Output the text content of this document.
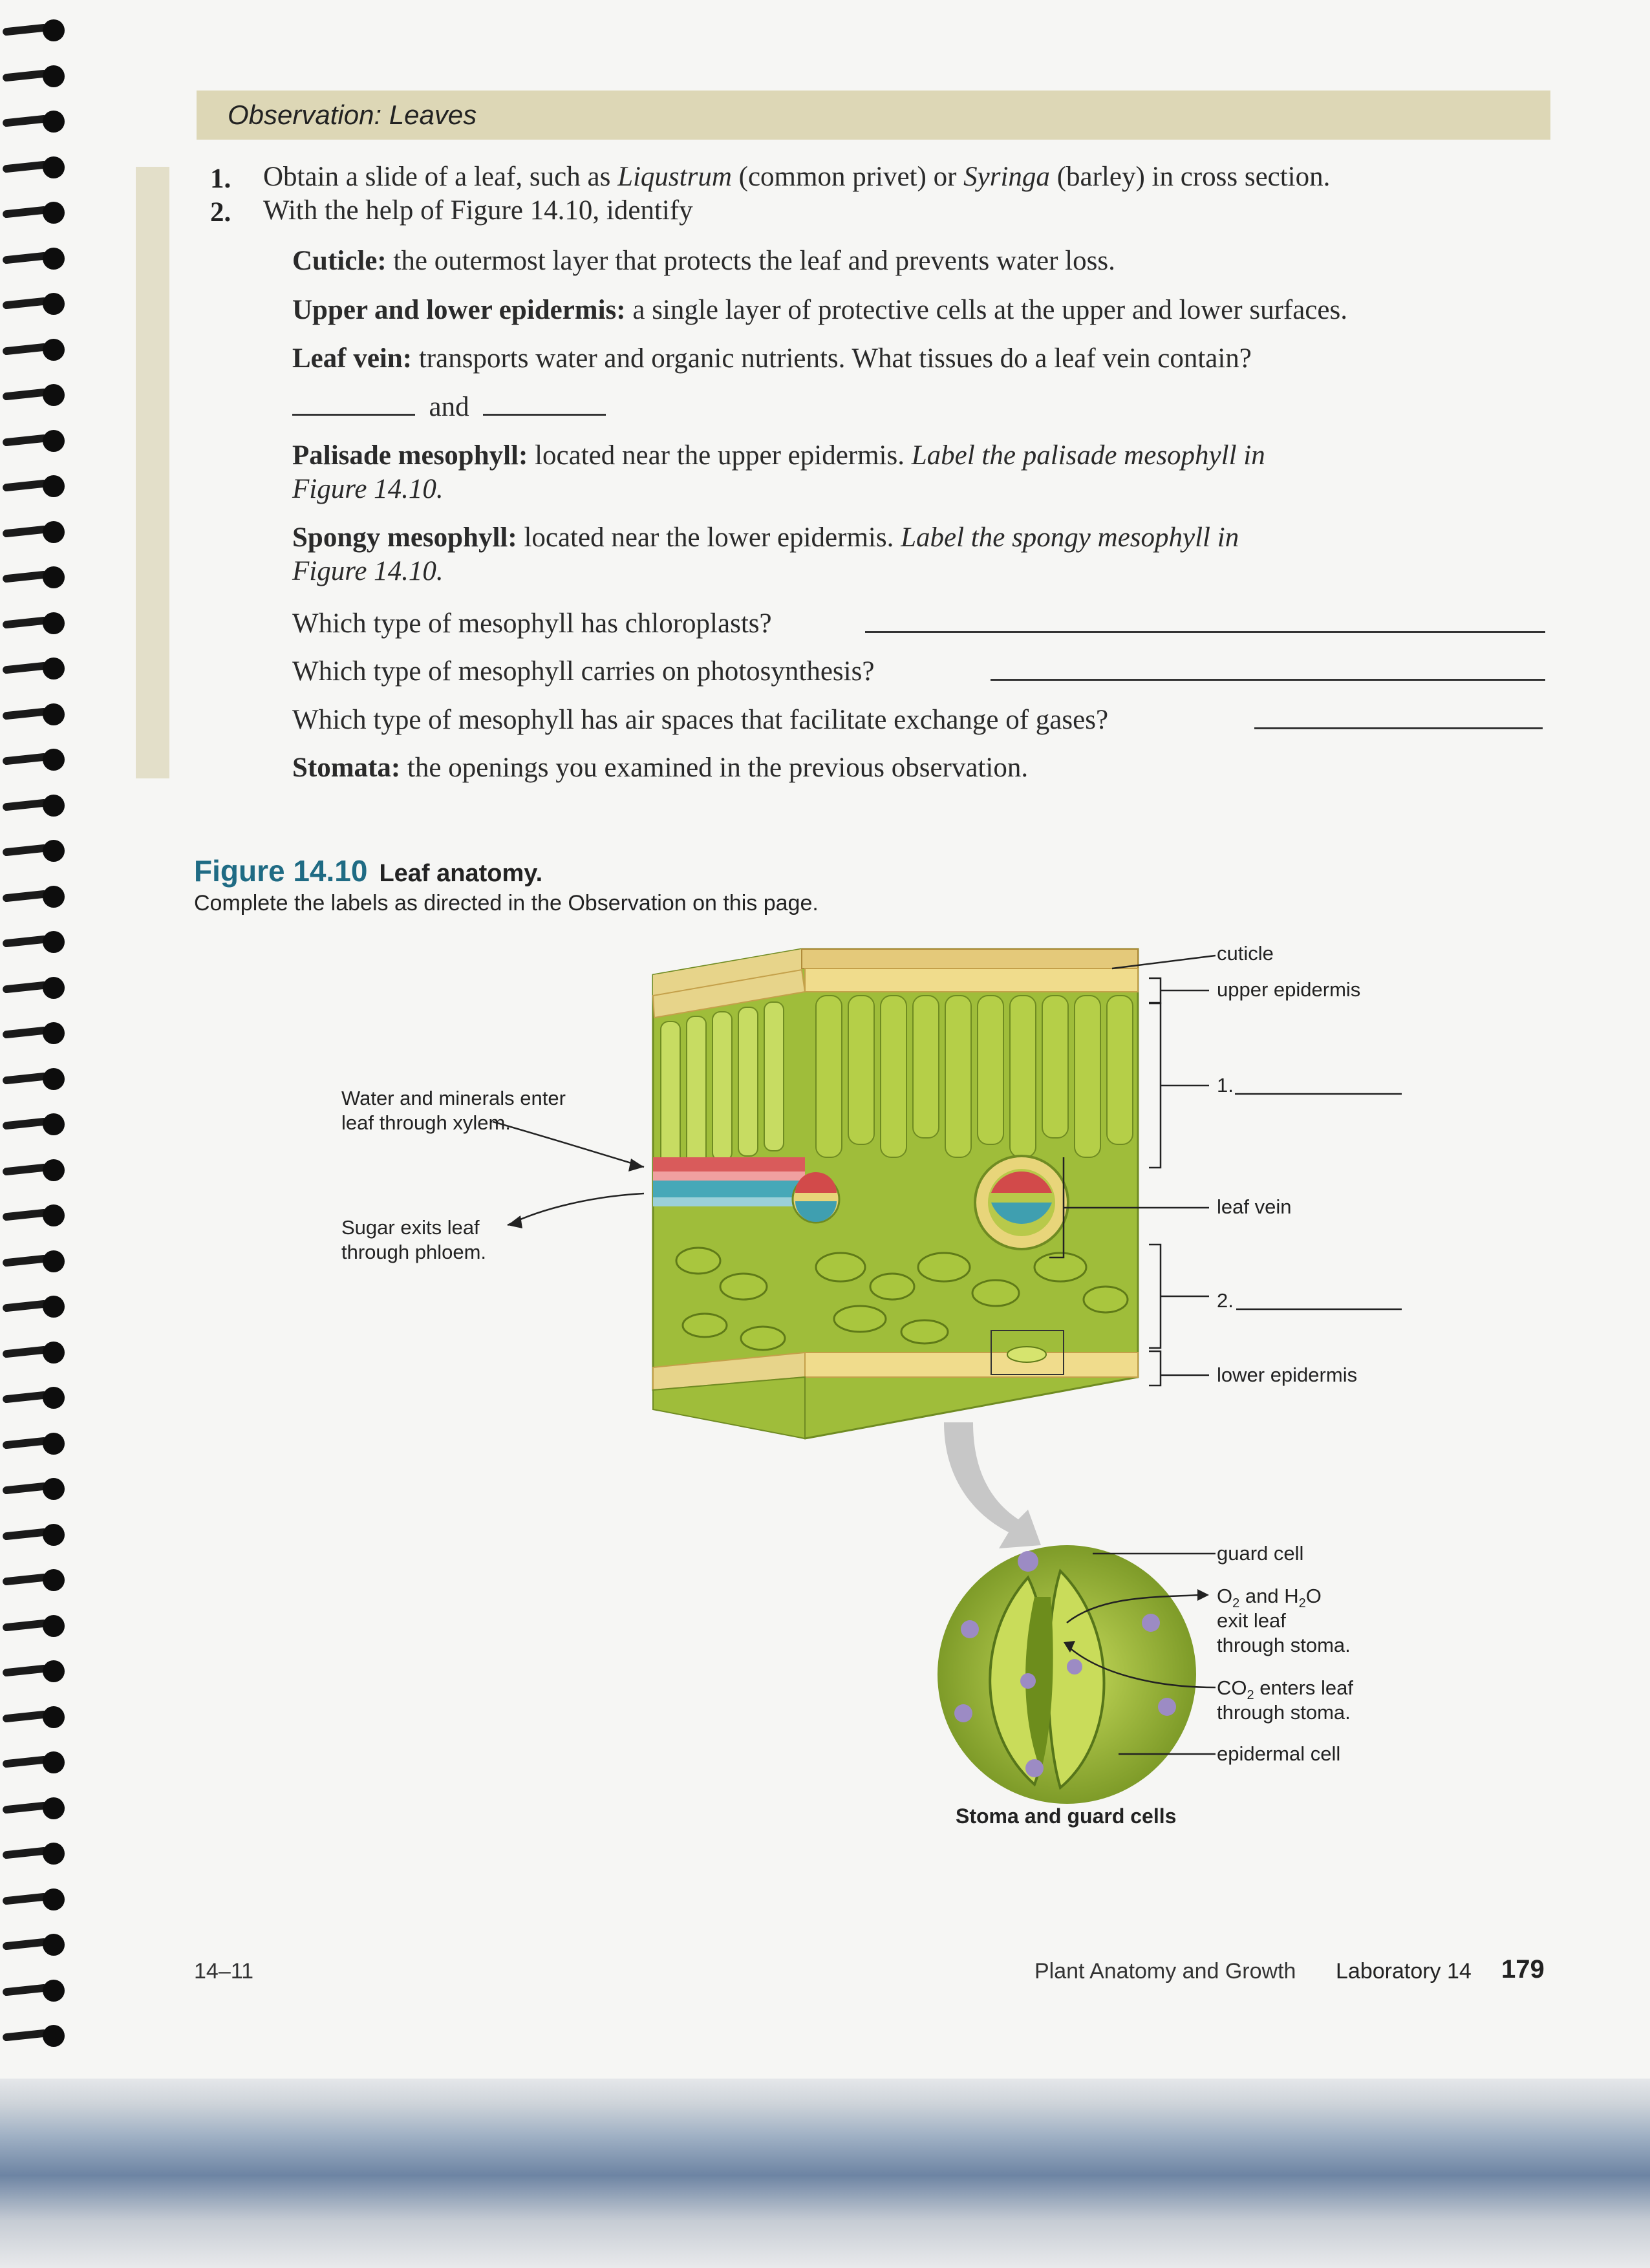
Observation: Leaves
1. Obtain a slide of a leaf, such as Liqustrum (common privet) or Syringa (barley) in cross section.
2. With the help of Figure 14.10, identify
Cuticle: the outermost layer that protects the leaf and prevents water loss.
Upper and lower epidermis: a single layer of protective cells at the upper and lower surfaces.
Leaf vein: transports water and organic nutrients. What tissues do a leaf vein contain?
and
Palisade mesophyll: located near the upper epidermis. Label the palisade mesophyll in
Figure 14.10.
Spongy mesophyll: located near the lower epidermis. Label the spongy mesophyll in
Figure 14.10.
Which type of mesophyll has chloroplasts?
Which type of mesophyll carries on photosynthesis?
Which type of mesophyll has air spaces that facilitate exchange of gases?
Stomata: the openings you examined in the previous observation.
Figure 14.10 Leaf anatomy.
Complete the labels as directed in the Observation on this page.
cuticle
upper epidermis
1.
leaf vein
2.
lower epidermis
Water and minerals enter
leaf through xylem.
Sugar exits leaf
through phloem.
guard cell
$O_2$ and $H_2O$
exit leaf
through stoma.
$CO_2$ enters leaf
through stoma.
epidermal cell
Stoma and guard cells
14–11	Plant Anatomy and Growth Laboratory 14 179
